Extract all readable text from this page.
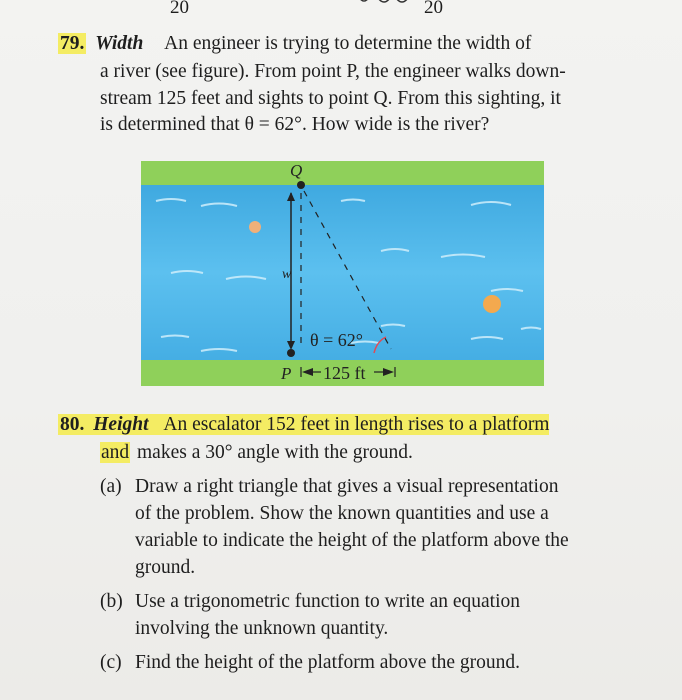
20	20
79. Width An engineer is trying to determine the width of
a river (see figure). From point P, the engineer walks down-
stream 125 feet and sights to point Q. From this sighting, it
is determined that θ = 62°. How wide is the river?
Q
P
w
θ = 62°
125 ft
80. Height An escalator 152 feet in length rises to a platform
and makes a 30° angle with the ground.
(a) Draw a right triangle that gives a visual representation
of the problem. Show the known quantities and use a
variable to indicate the height of the platform above the
ground.
(b) Use a trigonometric function to write an equation
involving the unknown quantity.
(c) Find the height of the platform above the ground.
